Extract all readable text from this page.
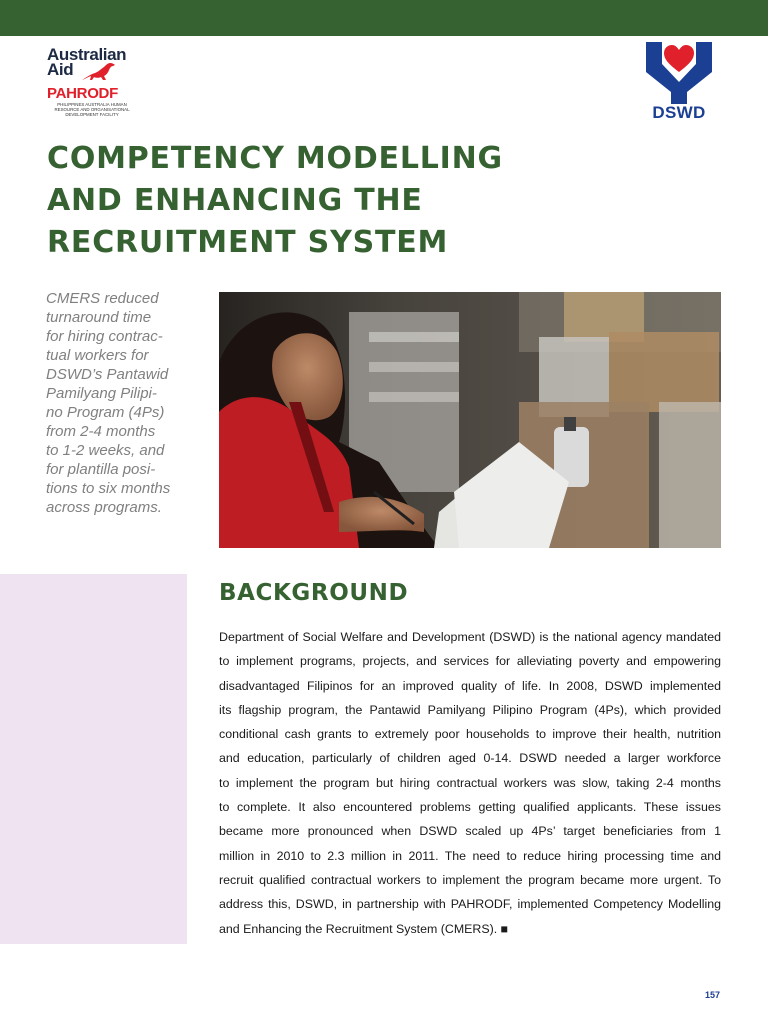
Australian
Aid
PAHRODF
PHILIPPINES AUSTRALIA HUMAN RESOURCE AND ORGANISATIONAL DEVELOPMENT FACILITY	DSWD
COMPETENCY MODELLING
AND ENHANCING THE
RECRUITMENT SYSTEM

CMERS reduced
turnaround time
for hiring contrac-
tual workers for
DSWD’s Pantawid
Pamilyang Pilipi-
no Program (4Ps)
from 2-4 months
to 1-2 weeks, and
for plantilla posi-
tions to six months
across programs.

BACKGROUND

Department of Social Welfare and Development (DSWD) is the national agency mandated
to implement programs, projects, and services for alleviating poverty and empowering
disadvantaged Filipinos for an improved quality of life. In 2008, DSWD implemented
its flagship program, the Pantawid Pamilyang Pilipino Program (4Ps), which provided
conditional cash grants to extremely poor households to improve their health, nutrition
and education, particularly of children aged 0-14. DSWD needed a larger workforce
to implement the program but hiring contractual workers was slow, taking 2-4 months
to complete. It also encountered problems getting qualified applicants. These issues
became more pronounced when DSWD scaled up 4Ps’ target beneficiaries from 1
million in 2010 to 2.3 million in 2011. The need to reduce hiring processing time and
recruit qualified contractual workers to implement the program became more urgent. To
address this, DSWD, in partnership with PAHRODF, implemented Competency Modelling
and Enhancing the Recruitment System (CMERS). ■

157
